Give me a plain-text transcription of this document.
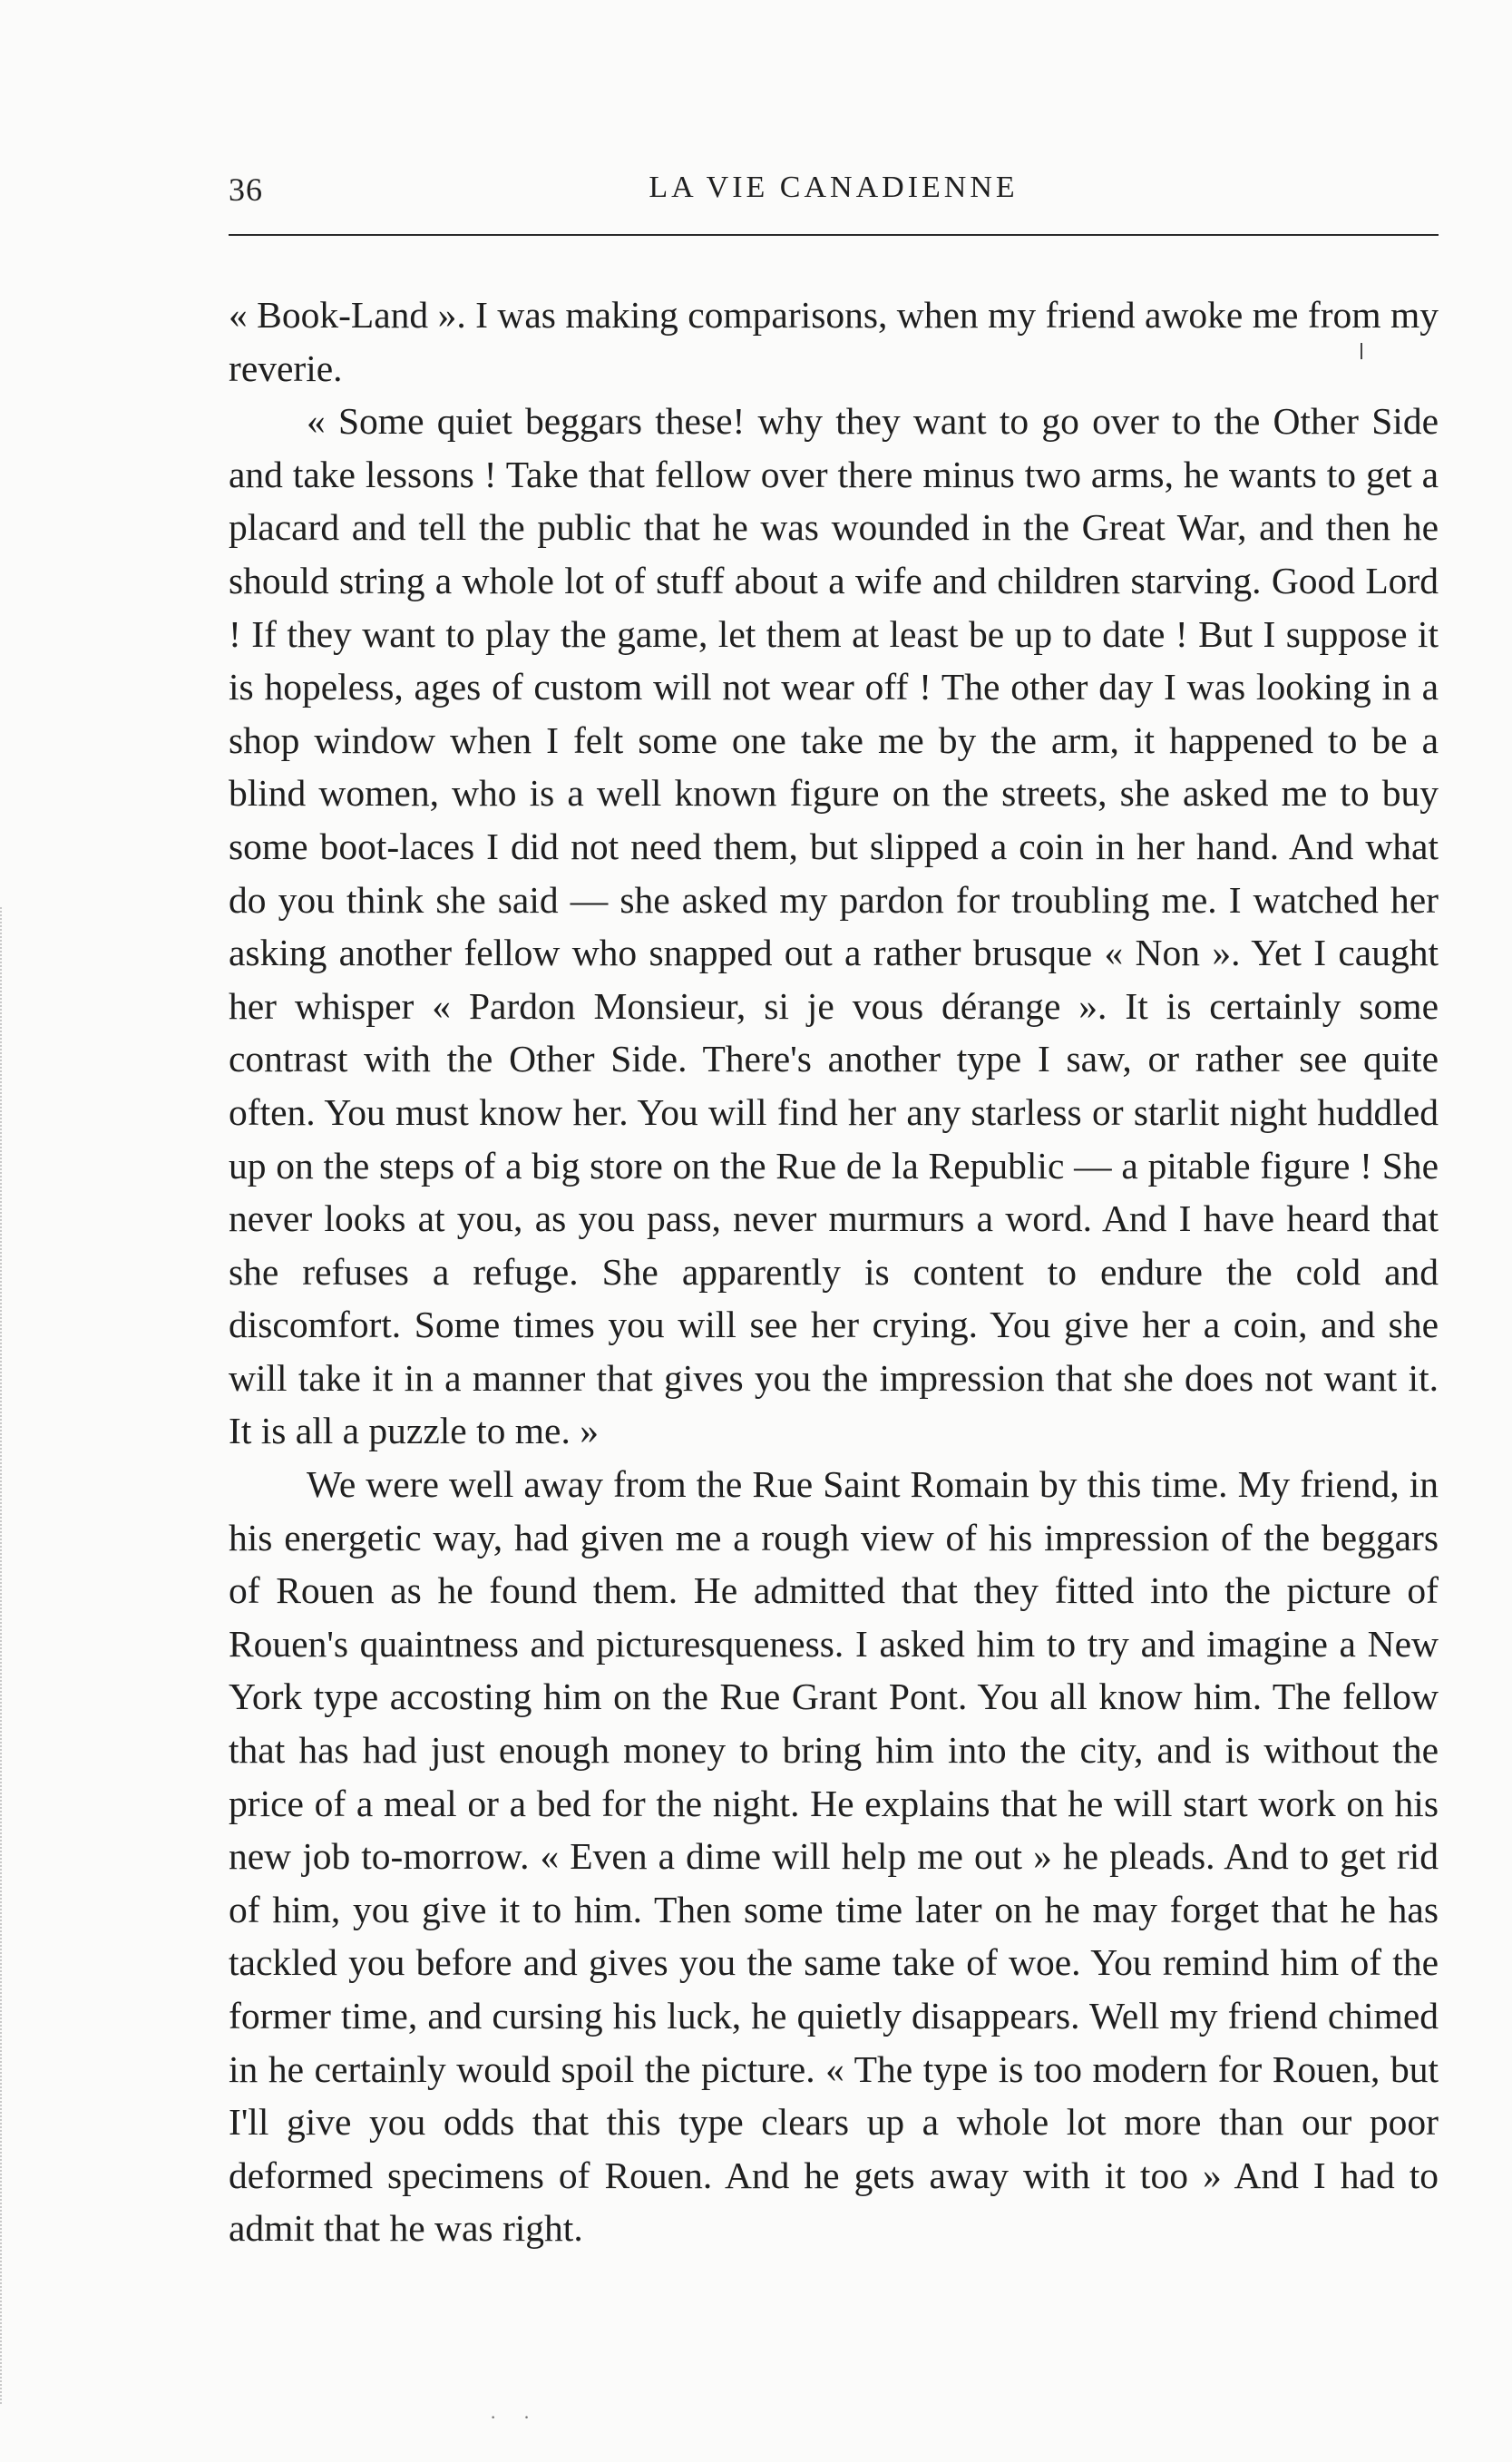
36	LA VIE CANADIENNE

« Book-Land ». I was making comparisons, when my friend awoke me from my reverie.

« Some quiet beggars these! why they want to go over to the Other Side and take lessons ! Take that fellow over there minus two arms, he wants to get a placard and tell the public that he was wounded in the Great War, and then he should string a whole lot of stuff about a wife and children starving. Good Lord ! If they want to play the game, let them at least be up to date ! But I suppose it is hopeless, ages of custom will not wear off ! The other day I was looking in a shop window when I felt some one take me by the arm, it happened to be a blind women, who is a well known figure on the streets, she asked me to buy some boot-laces I did not need them, but slipped a coin in her hand. And what do you think she said — she asked my pardon for troubling me. I watched her asking another fellow who snapped out a rather brusque « Non ». Yet I caught her whisper « Pardon Monsieur, si je vous dérange ». It is certainly some contrast with the Other Side. There's another type I saw, or rather see quite often. You must know her. You will find her any starless or starlit night huddled up on the steps of a big store on the Rue de la Republic — a pitable figure ! She never looks at you, as you pass, never murmurs a word. And I have heard that she refuses a refuge. She apparently is content to endure the cold and discomfort. Some times you will see her crying. You give her a coin, and she will take it in a manner that gives you the impression that she does not want it. It is all a puzzle to me. »

We were well away from the Rue Saint Romain by this time. My friend, in his energetic way, had given me a rough view of his impression of the beggars of Rouen as he found them. He admitted that they fitted into the picture of Rouen's quaintness and picturesqueness. I asked him to try and imagine a New York type accosting him on the Rue Grant Pont. You all know him. The fellow that has had just enough money to bring him into the city, and is without the price of a meal or a bed for the night. He explains that he will start work on his new job to-morrow. « Even a dime will help me out » he pleads. And to get rid of him, you give it to him. Then some time later on he may forget that he has tackled you before and gives you the same take of woe. You remind him of the former time, and cursing his luck, he quietly disappears. Well my friend chimed in he certainly would spoil the picture. « The type is too modern for Rouen, but I'll give you odds that this type clears up a whole lot more than our poor deformed specimens of Rouen. And he gets away with it too » And I had to admit that he was right.

· ·
